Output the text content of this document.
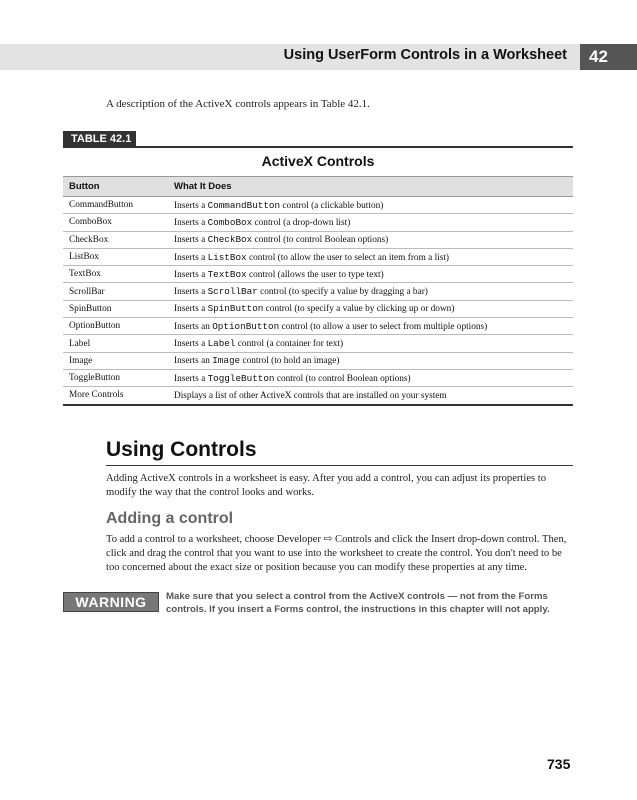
Using UserForm Controls in a Worksheet	42
A description of the ActiveX controls appears in Table 42.1.
TABLE 42.1
ActiveX Controls
Button	What It Does
CommandButton	Inserts a CommandButton control (a clickable button)
ComboBox	Inserts a ComboBox control (a drop-down list)
CheckBox	Inserts a CheckBox control (to control Boolean options)
ListBox	Inserts a ListBox control (to allow the user to select an item from a list)
TextBox	Inserts a TextBox control (allows the user to type text)
ScrollBar	Inserts a ScrollBar control (to specify a value by dragging a bar)
SpinButton	Inserts a SpinButton control (to specify a value by clicking up or down)
OptionButton	Inserts an OptionButton control (to allow a user to select from multiple options)
Label	Inserts a Label control (a container for text)
Image	Inserts an Image control (to hold an image)
ToggleButton	Inserts a ToggleButton control (to control Boolean options)
More Controls	Displays a list of other ActiveX controls that are installed on your system
Using Controls
Adding ActiveX controls in a worksheet is easy. After you add a control, you can adjust its properties to modify the way that the control looks and works.
Adding a control
To add a control to a worksheet, choose Developer ⇨ Controls and click the Insert drop-down control. Then, click and drag the control that you want to use into the worksheet to create the control. You don't need to be too concerned about the exact size or position because you can modify these properties at any time.
WARNING	Make sure that you select a control from the ActiveX controls — not from the Forms controls. If you insert a Forms control, the instructions in this chapter will not apply.
735
